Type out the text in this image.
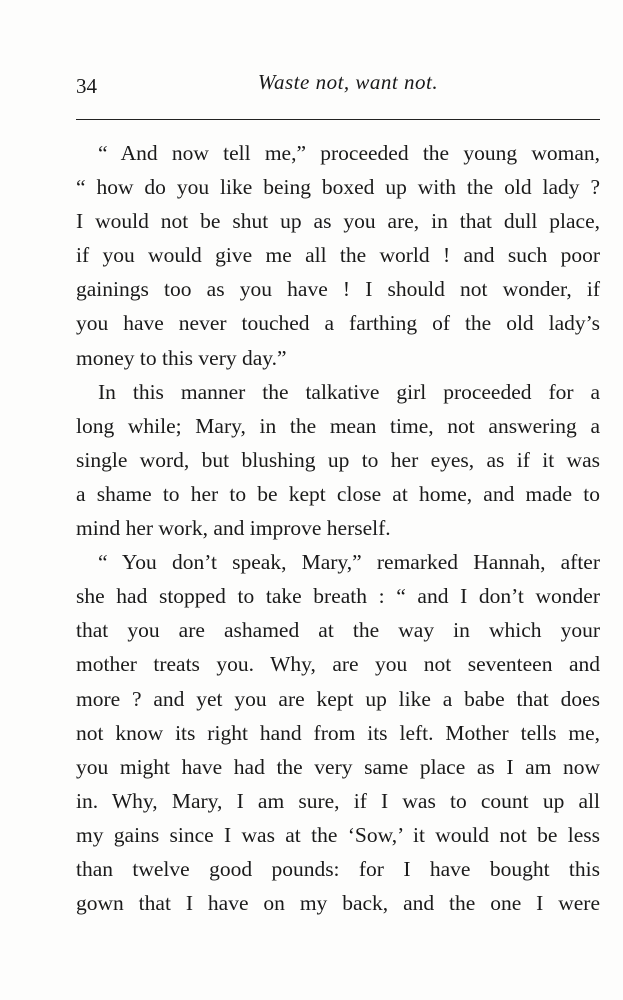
34	Waste not, want not.
“ And now tell me,” proceeded the young woman,
“ how do you like being boxed up with the old lady ?
I would not be shut up as you are, in that dull place,
if you would give me all the world ! and such poor
gainings too as you have ! I should not wonder, if
you have never touched a farthing of the old lady’s
money to this very day.”
In this manner the talkative girl proceeded for a
long while; Mary, in the mean time, not answering a
single word, but blushing up to her eyes, as if it was
a shame to her to be kept close at home, and made to
mind her work, and improve herself.
“ You don’t speak, Mary,” remarked Hannah, after
she had stopped to take breath : “ and I don’t wonder
that you are ashamed at the way in which your
mother treats you. Why, are you not seventeen and
more ? and yet you are kept up like a babe that does
not know its right hand from its left. Mother tells me,
you might have had the very same place as I am now
in. Why, Mary, I am sure, if I was to count up all
my gains since I was at the ‘Sow,’ it would not be less
than twelve good pounds: for I have bought this
gown that I have on my back, and the one I were
